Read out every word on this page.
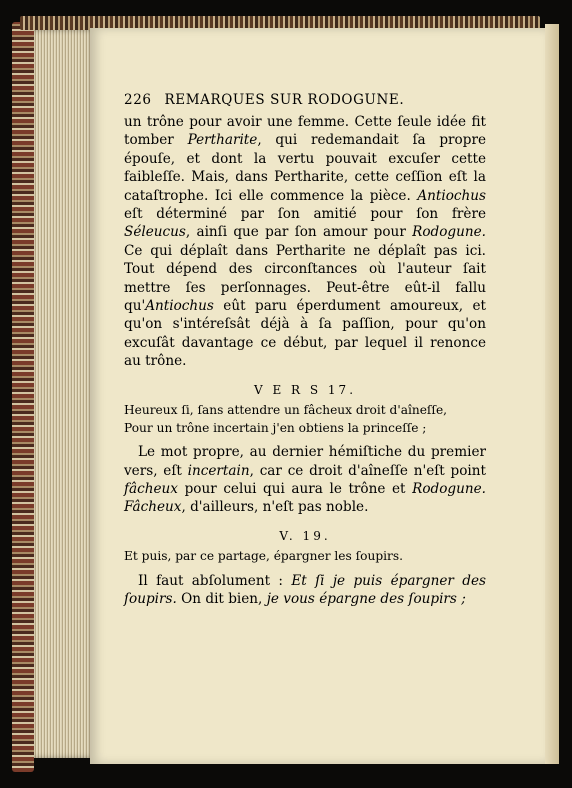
226 REMARQUES SUR RODOGUNE.

un trône pour avoir une femme. Cette ſeule idée fit tomber Pertharite, qui redemandait ſa propre épouſe, et dont la vertu pouvait excuſer cette faibleſſe. Mais, dans Pertharite, cette ceſſion eſt la cataſtrophe. Ici elle commence la pièce. Antiochus eſt déterminé par ſon amitié pour ſon frère Séleucus, ainſi que par ſon amour pour Rodogune. Ce qui déplaît dans Pertharite ne déplaît pas ici. Tout dépend des circonſtances où l'auteur ſait mettre ſes perſonnages. Peut-être eût-il fallu qu'Antiochus eût paru éperdument amoureux, et qu'on s'intéreſsât déjà à ſa paſſion, pour qu'on excuſât davantage ce début, par lequel il renonce au trône.

V E R S 17.

Heureux ſi, ſans attendre un fâcheux droit d'aîneſſe,

Pour un trône incertain j'en obtiens la princeſſe ;

Le mot propre, au dernier hémiſtiche du premier vers, eſt incertain, car ce droit d'aîneſſe n'eſt point fâcheux pour celui qui aura le trône et Rodogune. Fâcheux, d'ailleurs, n'eſt pas noble.

V. 19.

Et puis, par ce partage, épargner les ſoupirs.

Il faut abſolument : Et ſi je puis épargner des ſoupirs. On dit bien, je vous épargne des ſoupirs ;
